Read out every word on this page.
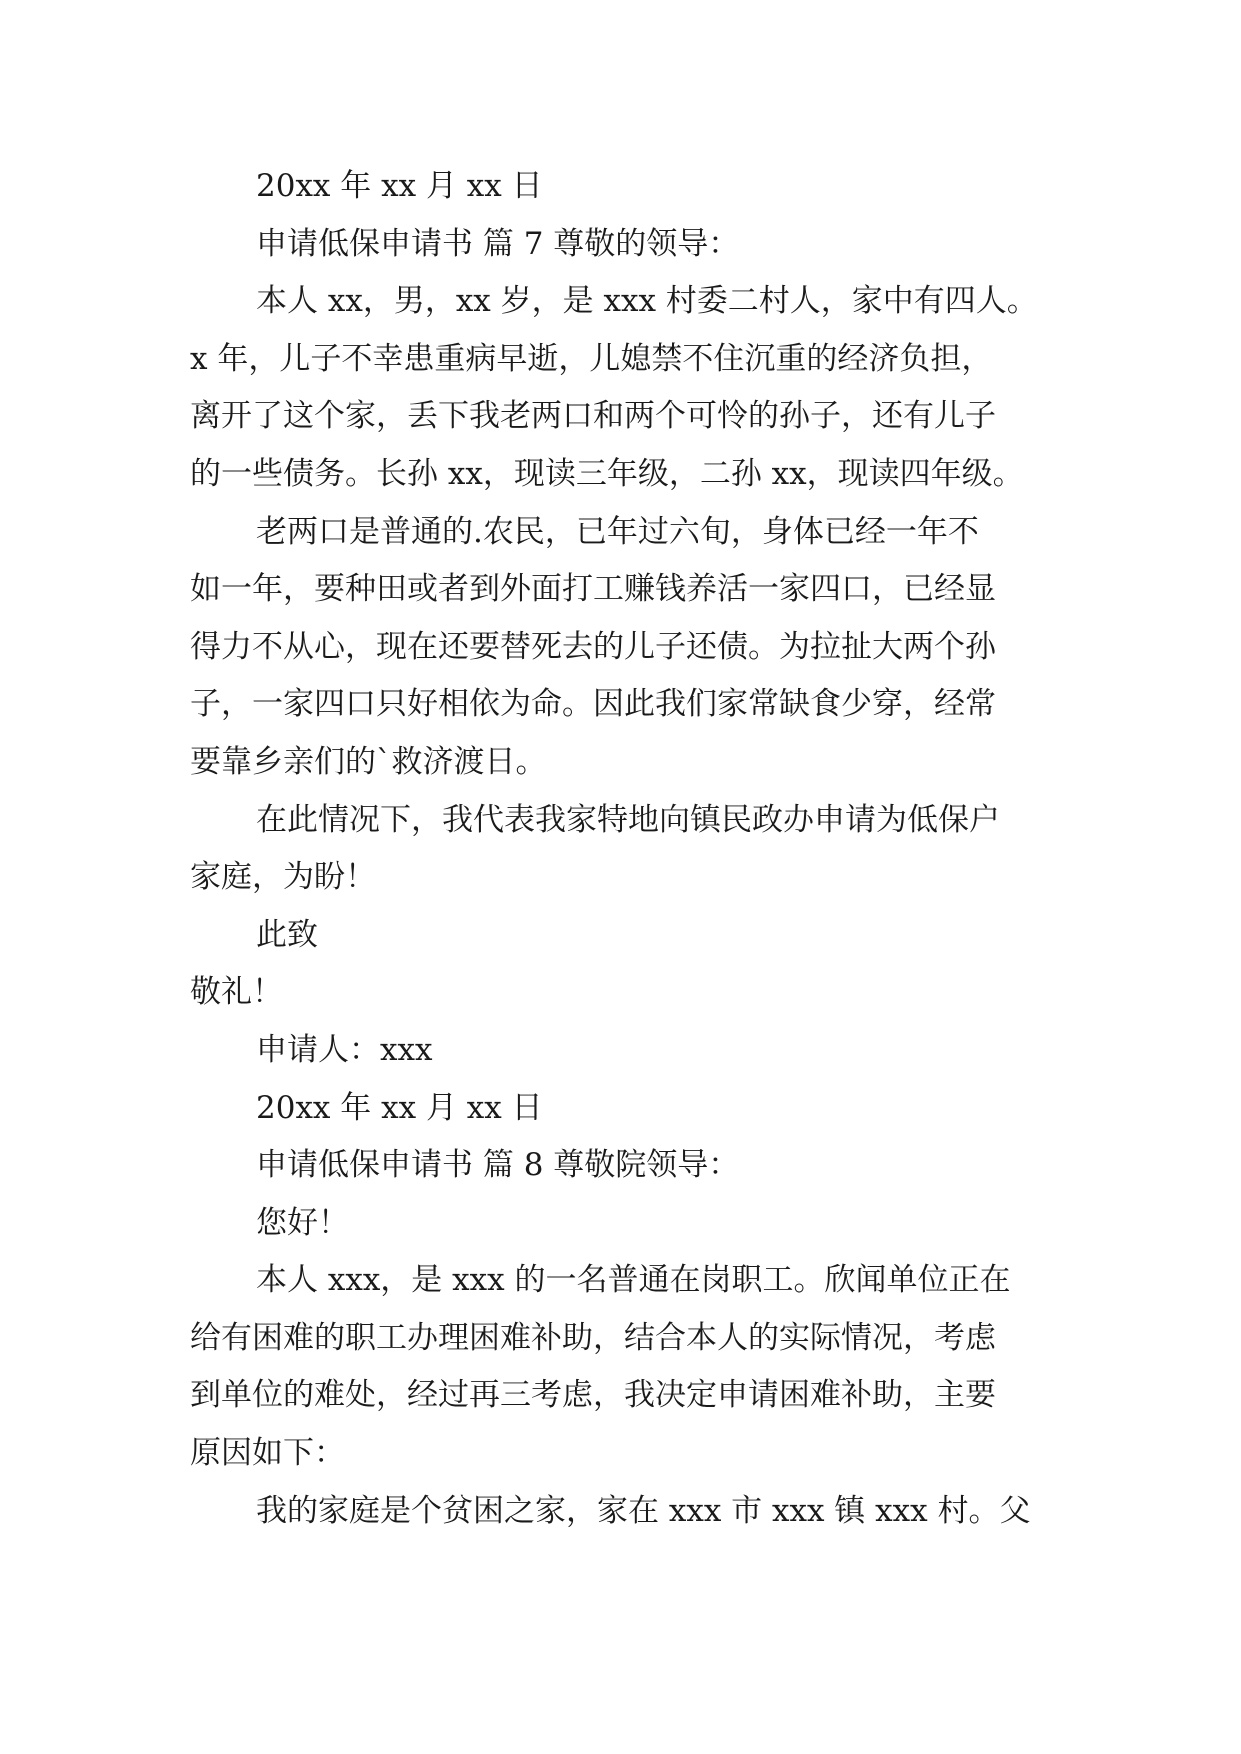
20xx 年 xx 月 xx 日

申请低保申请书 篇 7 尊敬的领导：

本人 xx，男，xx 岁，是 xxx 村委二村人，家中有四人。

x 年，儿子不幸患重病早逝，儿媳禁不住沉重的经济负担，

离开了这个家，丢下我老两口和两个可怜的孙子，还有儿子

的一些债务。长孙 xx，现读三年级，二孙 xx，现读四年级。

老两口是普通的.农民，已年过六旬，身体已经一年不

如一年，要种田或者到外面打工赚钱养活一家四口，已经显

得力不从心，现在还要替死去的儿子还债。为拉扯大两个孙

子，一家四口只好相依为命。因此我们家常缺食少穿，经常

要靠乡亲们的`救济渡日。

在此情况下，我代表我家特地向镇民政办申请为低保户

家庭，为盼！

此致

敬礼！

申请人：xxx

20xx 年 xx 月 xx 日

申请低保申请书 篇 8 尊敬院领导：

您好！

本人 xxx，是 xxx 的一名普通在岗职工。欣闻单位正在

给有困难的职工办理困难补助，结合本人的实际情况，考虑

到单位的难处，经过再三考虑，我决定申请困难补助，主要

原因如下：

我的家庭是个贫困之家，家在 xxx 市 xxx 镇 xxx 村。父
